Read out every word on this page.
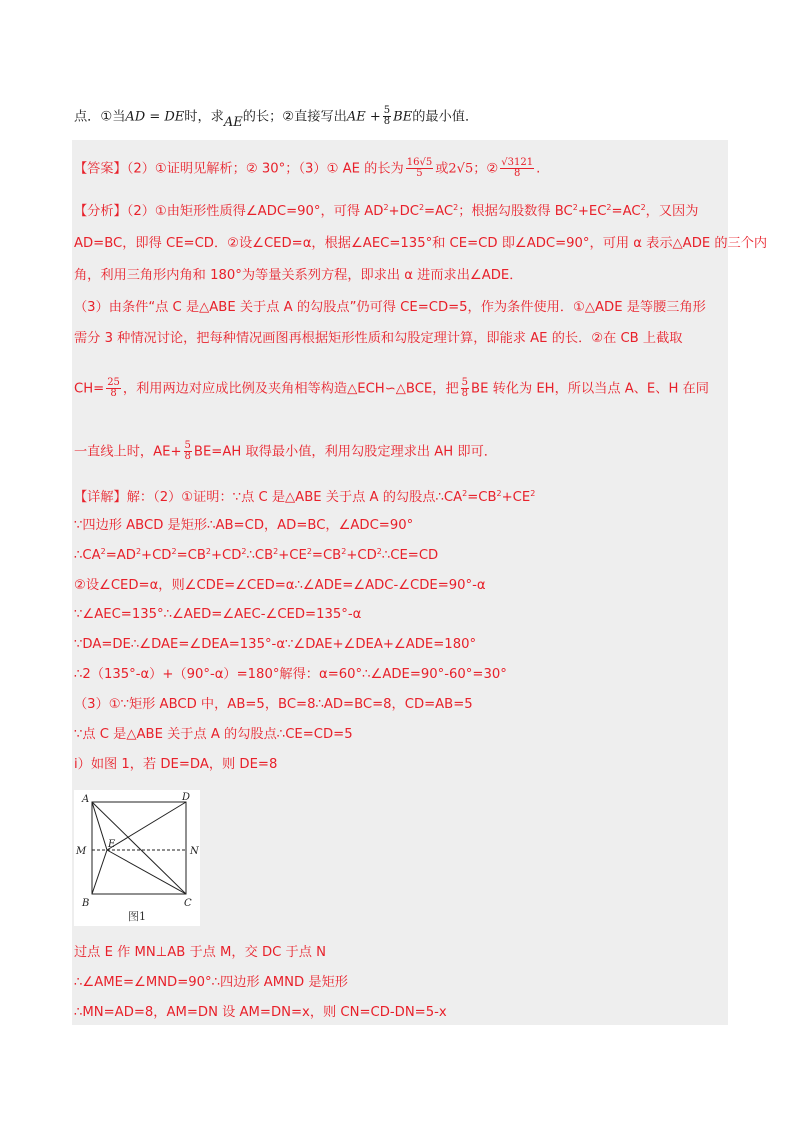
点．①当AD = DE时，求AE的长；②直接写出AE + $\frac{5}{8}$ BE的最小值．
【答案】（2）①证明见解析；② 30°；（3）① AE 的长为 $\frac{16√5}{5}$ 或2√5；② $\frac{√3121}{8}$ .
【分析】（2）①由矩形性质得∠ADC=90°，可得 $AD^2+DC^2=AC^2$；根据勾股数得 $BC^2+EC^2=AC^2$，又因为
AD=BC，即得 CE=CD．②设∠CED=α，根据∠AEC=135°和 CE=CD 即∠ADC=90°，可用 α 表示△ADE 的三个内
角，利用三角形内角和 180°为等量关系列方程，即求出 α 进而求出∠ADE．
（3）由条件“点 C 是△ABE 关于点 A 的勾股点”仍可得 CE=CD=5，作为条件使用．①△ADE 是等腰三角形
需分 3 种情况讨论，把每种情况画图再根据矩形性质和勾股定理计算，即能求 AE 的长．②在 CB 上截取
$CH= \frac{25}{8}$ ，利用两边对应成比例及夹角相等构造△ECH∽△BCE，把 $\frac{5}{8}$ BE 转化为 EH，所以当点 A、E、H 在同
一直线上时，$AE+ \frac{5}{8} BE=AH$ 取得最小值，利用勾股定理求出 AH 即可．
【详解】解：（2）①证明：∵点 C 是△ABE 关于点 A 的勾股点$\therefore CA^2=CB^2+CE^2$
∵四边形 ABCD 是矩形∴AB=CD，AD=BC，∠ADC=90°
$\therefore CA^2=AD^2+CD^2=CB^2+CD^2\therefore CB^2+CE^2=CB^2+CD^2\therefore CE=CD$
②设∠CED=α，则∠CDE=∠CED=α∴∠ADE=∠ADC-∠CDE=90°-α
∵∠AEC=135°∴∠AED=∠AEC-∠CED=135°-α
∵DA=DE∴∠DAE=∠DEA=135°-α∵∠DAE+∠DEA+∠ADE=180°
∴2（135°-α）+（90°-α）=180°解得：α=60°∴∠ADE=90°-60°=30°
（3）①∵矩形 ABCD 中，AB=5，BC=8∴AD=BC=8，CD=AB=5
∵点 C 是△ABE 关于点 A 的勾股点∴CE=CD=5
i）如图 1，若 DE=DA，则 DE=8
A	D
M
E
N
B	C
图1
过点 E 作 MN⊥AB 于点 M，交 DC 于点 N
∴∠AME=∠MND=90°∴四边形 AMND 是矩形
∴MN=AD=8，AM=DN 设 AM=DN=x，则 CN=CD-DN=5-x
